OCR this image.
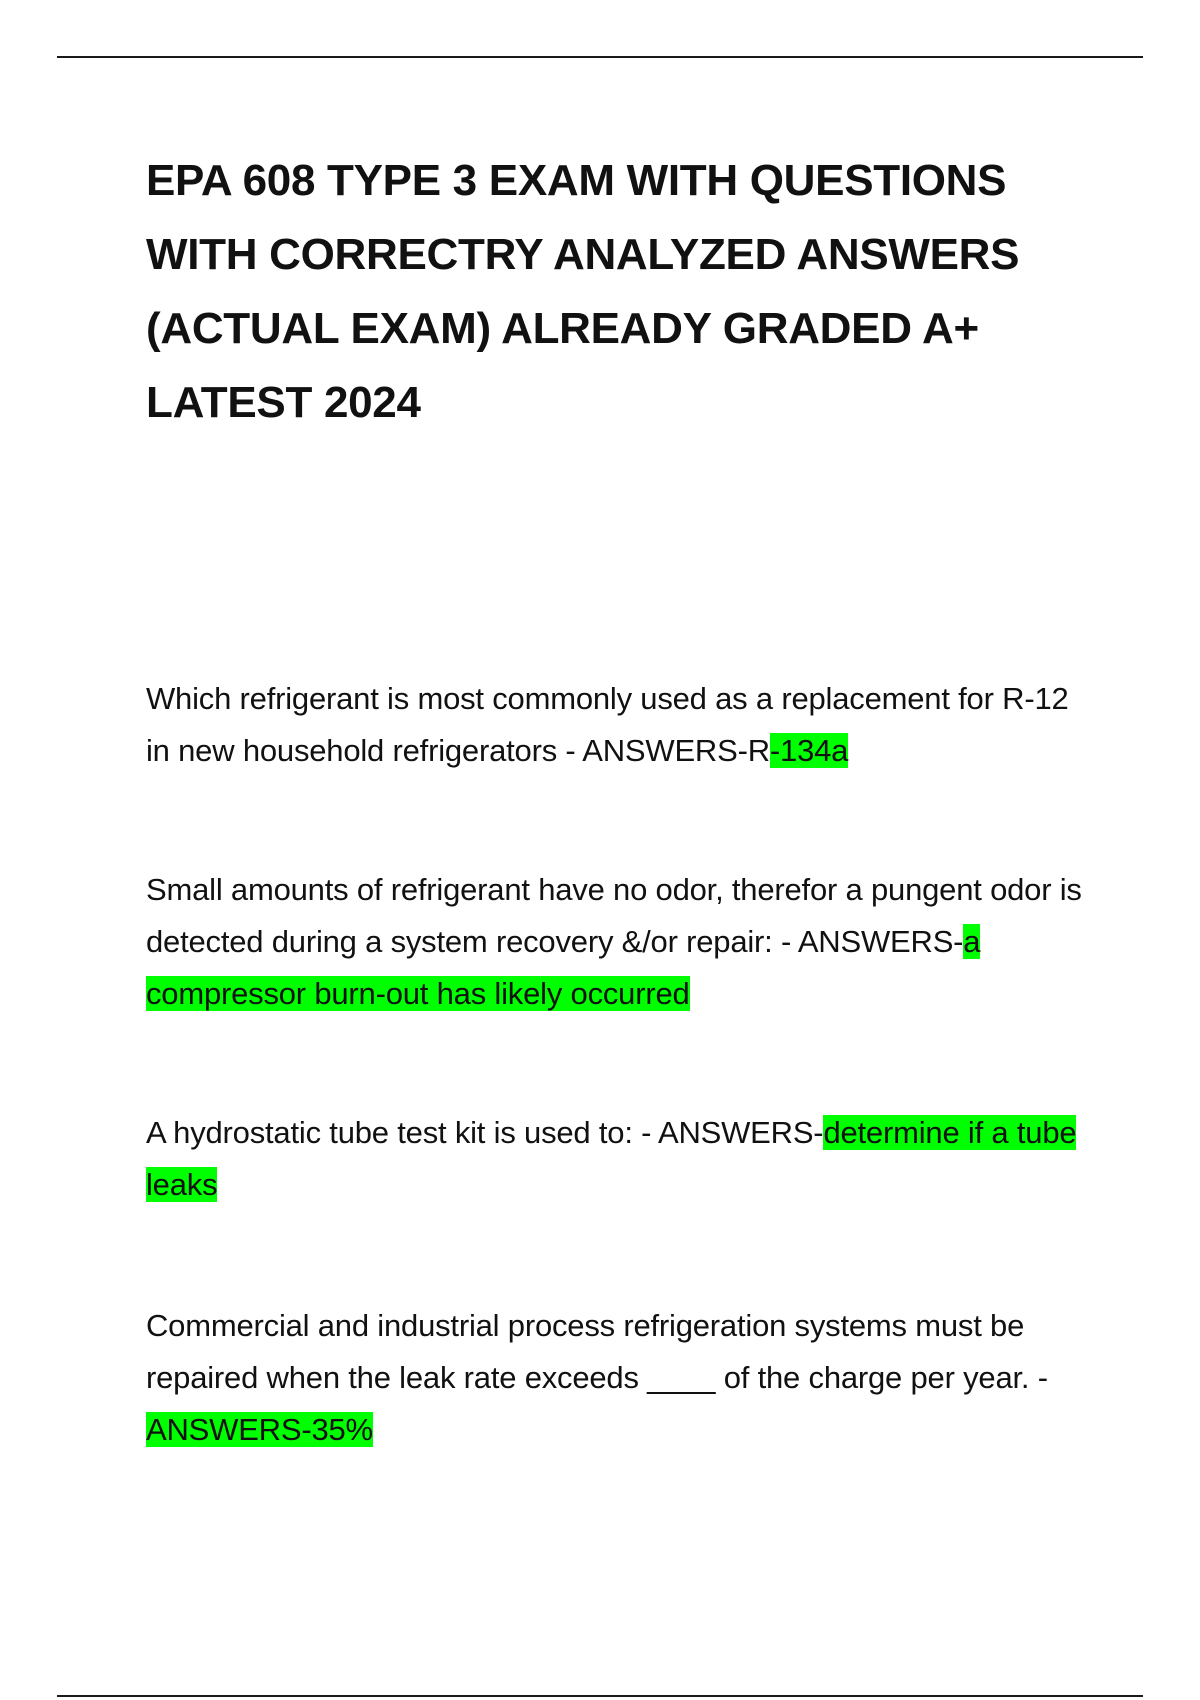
EPA 608 TYPE 3 EXAM WITH QUESTIONS WITH CORRECTRY ANALYZED ANSWERS (ACTUAL EXAM) ALREADY GRADED A+ LATEST 2024

Which refrigerant is most commonly used as a replacement for R-12 in new household refrigerators - ANSWERS-R-134a

Small amounts of refrigerant have no odor, therefor a pungent odor is detected during a system recovery &/or repair: - ANSWERS-a compressor burn-out has likely occurred

A hydrostatic tube test kit is used to: - ANSWERS-determine if a tube leaks

Commercial and industrial process refrigeration systems must be repaired when the leak rate exceeds ____ of the charge per year. - ANSWERS-35%
